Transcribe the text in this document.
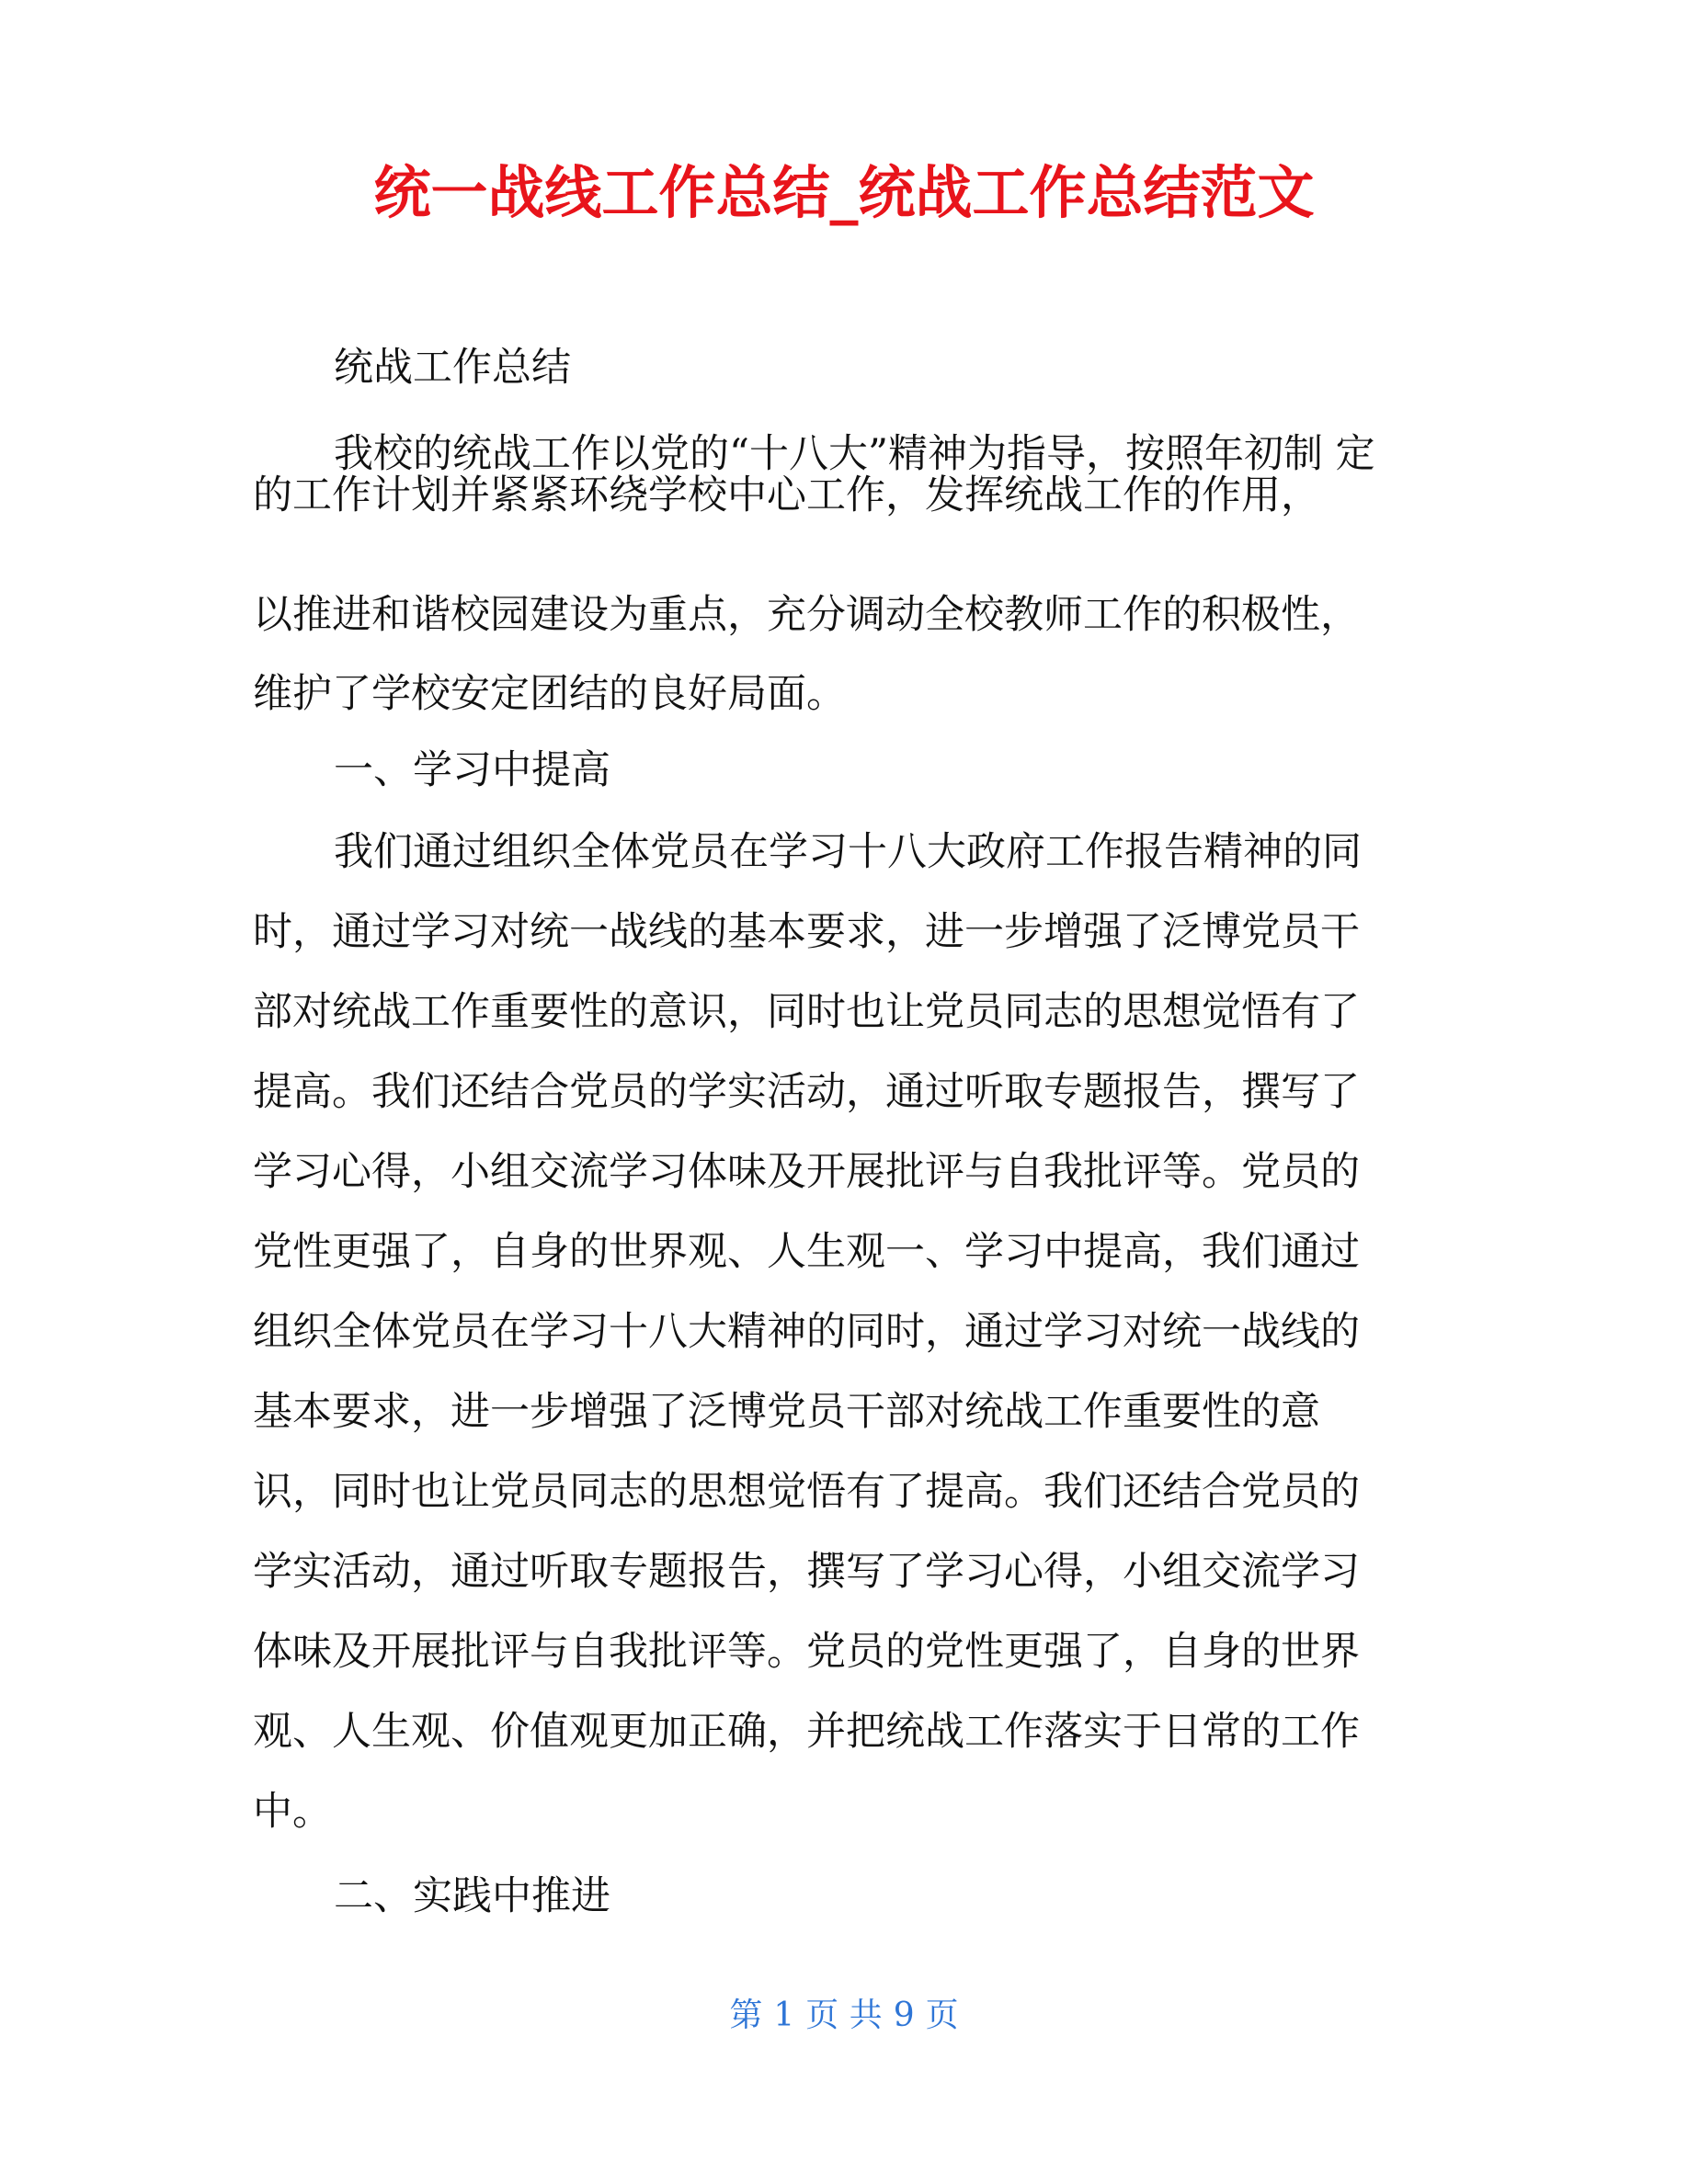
统一战线工作总结_统战工作总结范文
统战工作总结
我校的统战工作以党的“十八大”精神为指导，按照年初制 定
的工作计划并紧紧环绕学校中心工作，发挥统战工作的作用，
以推进和谐校园建设为重点，充分调动全校教师工作的积极性，
维护了学校安定团结的良好局面。
一、学习中提高
我们通过组织全体党员在学习十八大政府工作报告精神的同
时，通过学习对统一战线的基本要求，进一步增强了泛博党员干
部对统战工作重要性的意识，同时也让党员同志的思想觉悟有了
提高。我们还结合党员的学实活动，通过听取专题报告，撰写了
学习心得，小组交流学习体味及开展批评与自我批评等。党员的
党性更强了，自身的世界观、人生观一、学习中提高，我们通过
组织全体党员在学习十八大精神的同时，通过学习对统一战线的
基本要求，进一步增强了泛博党员干部对统战工作重要性的意
识，同时也让党员同志的思想觉悟有了提高。我们还结合党员的
学实活动，通过听取专题报告，撰写了学习心得，小组交流学习
体味及开展批评与自我批评等。党员的党性更强了，自身的世界
观、人生观、价值观更加正确，并把统战工作落实于日常的工作
中。
二、实践中推进
第 1 页 共 9 页
